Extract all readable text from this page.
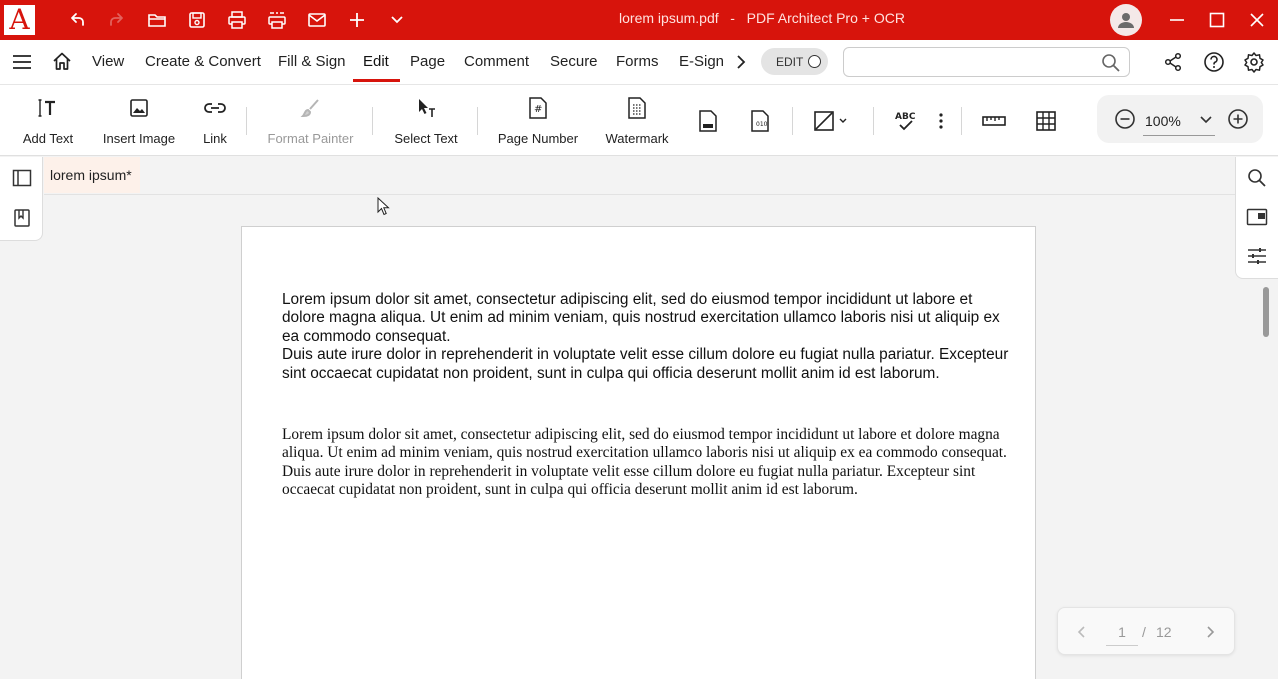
A	lorem ipsum.pdf   -   PDF Architect Pro + OCR
View Create & Convert Fill & Sign Edit Page Comment Secure Forms E-Sign	EDIT
Add Text Insert Image Link	Format Painter	Select Text
#
Page Number Watermark
010
ABC	100%
lorem ipsum*
Lorem ipsum dolor sit amet, consectetur adipiscing elit, sed do eiusmod tempor incididunt ut labore et dolore magna aliqua. Ut enim ad minim veniam, quis nostrud exercitation ullamco laboris nisi ut aliquip ex ea commodo consequat.
Duis aute irure dolor in reprehenderit in voluptate velit esse cillum dolore eu fugiat nulla pariatur. Excepteur sint occaecat cupidatat non proident, sunt in culpa qui officia deserunt mollit anim id est laborum.
Lorem ipsum dolor sit amet, consectetur adipiscing elit, sed do eiusmod tempor incididunt ut labore et dolore magna aliqua. Ut enim ad minim veniam, quis nostrud exercitation ullamco laboris nisi ut aliquip ex ea commodo consequat. Duis aute irure dolor in reprehenderit in voluptate velit esse cillum dolore eu fugiat nulla pariatur. Excepteur sint occaecat cupidatat non proident, sunt in culpa qui officia deserunt mollit anim id est laborum.
1	/ 12
